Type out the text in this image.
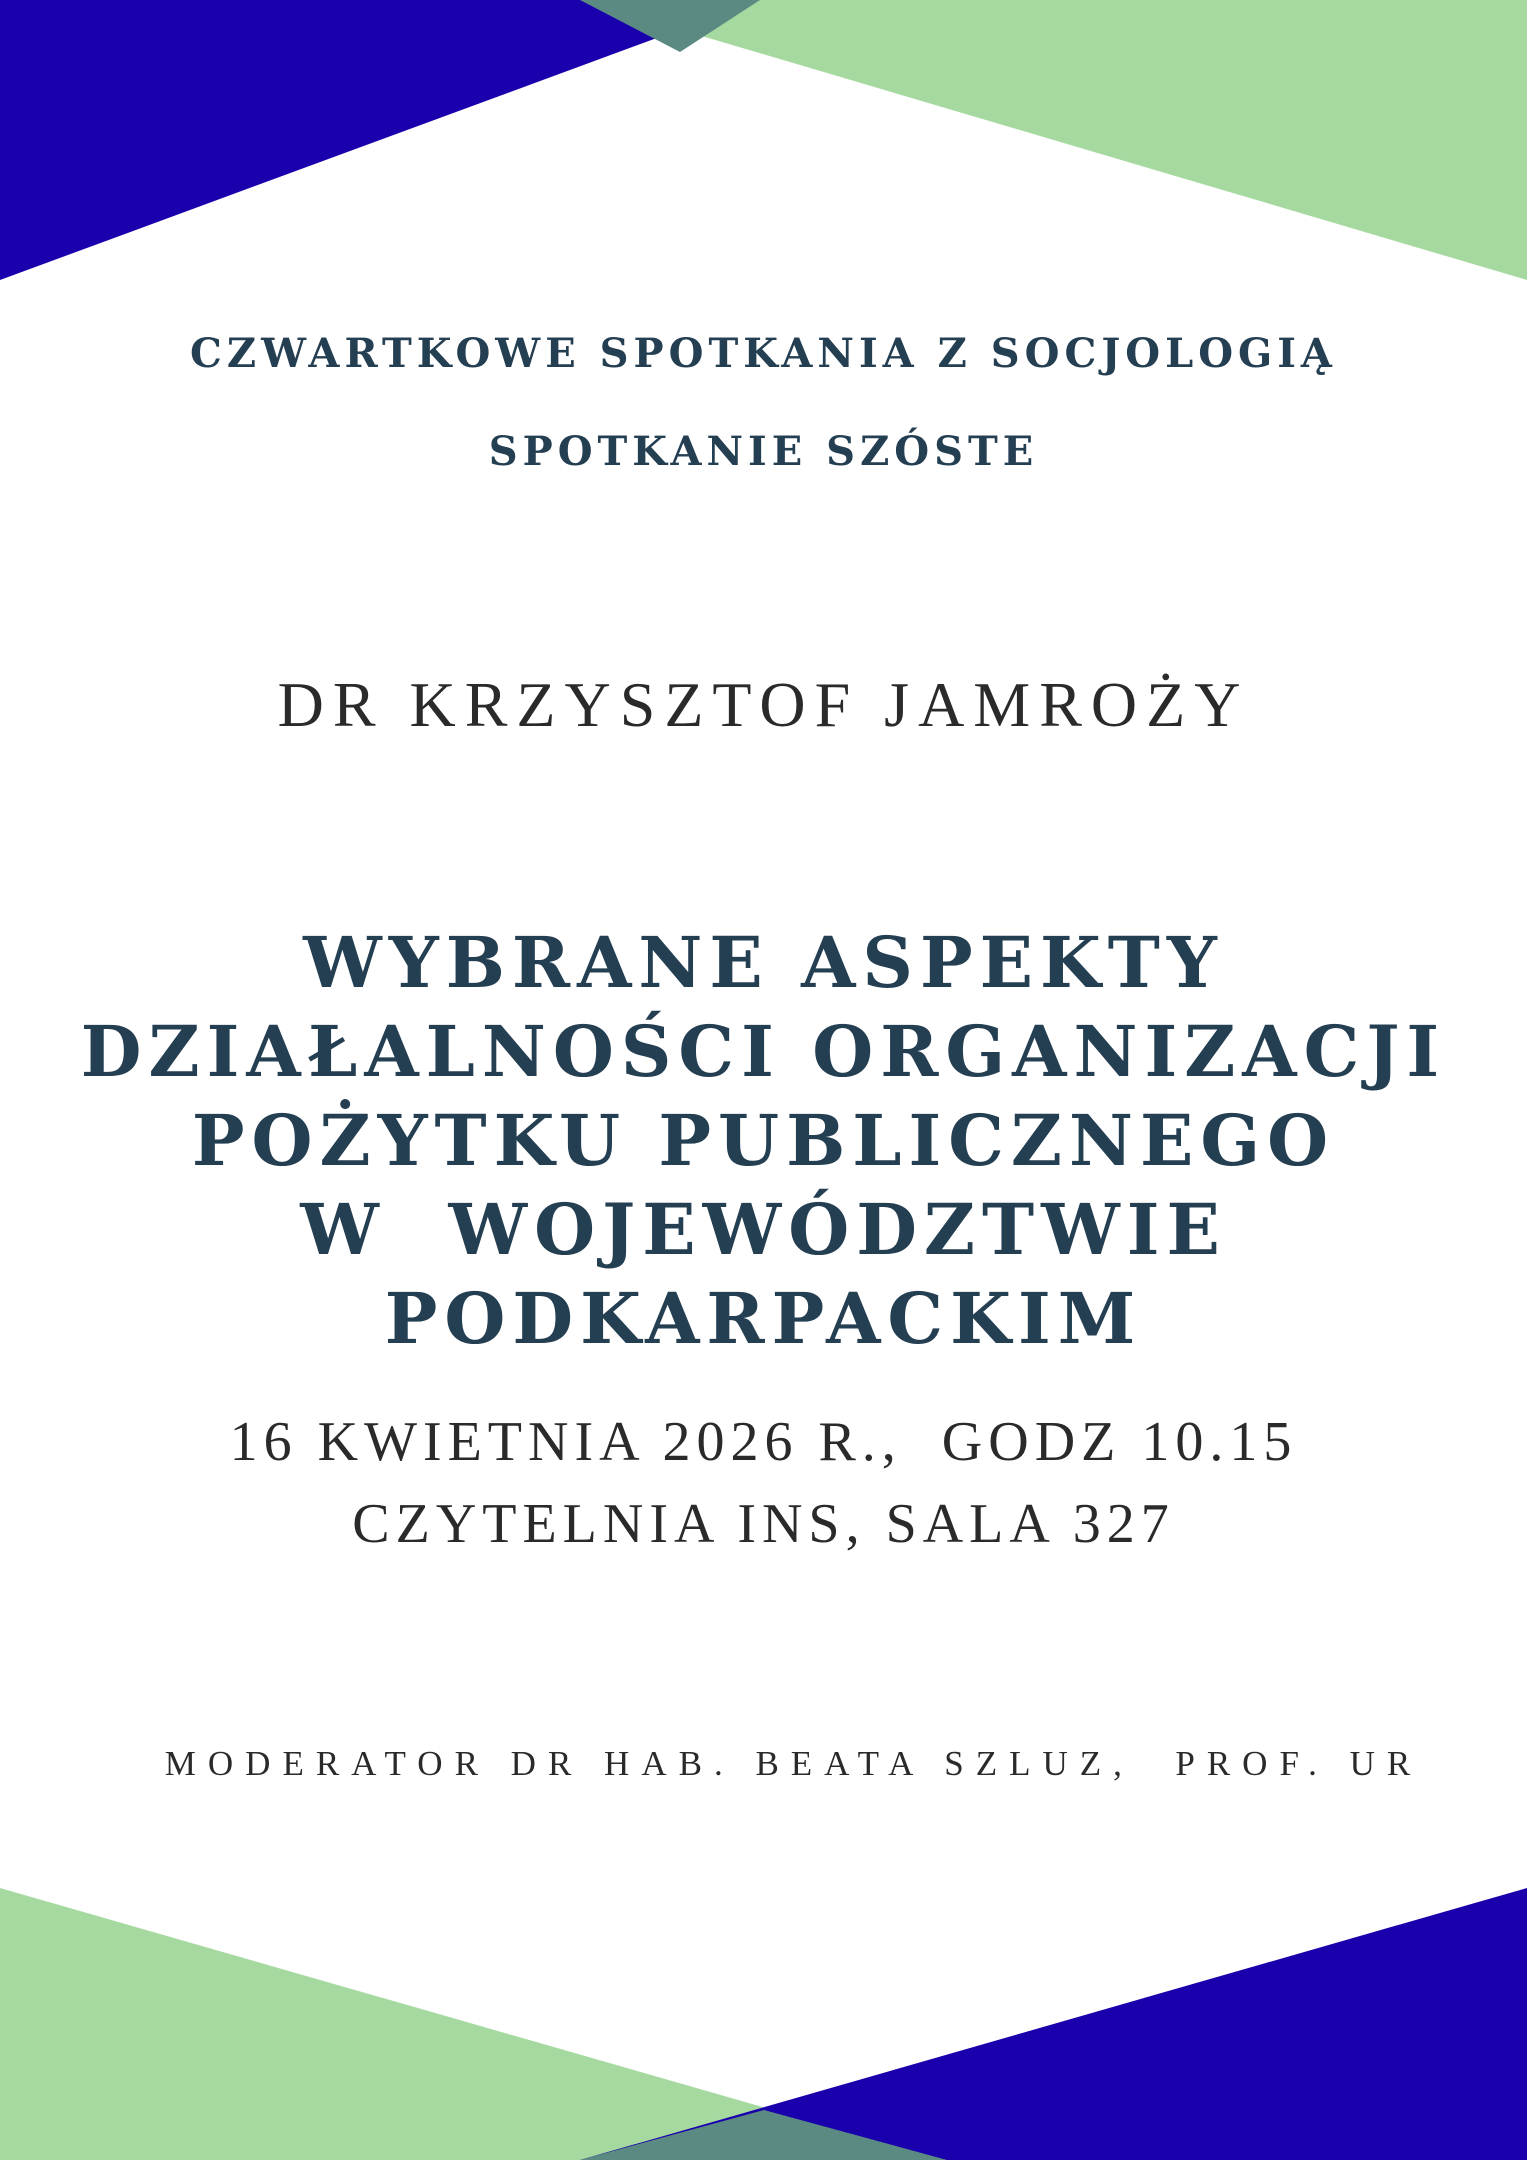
CZWARTKOWE SPOTKANIA Z SOCJOLOGIĄ

SPOTKANIE SZÓSTE

DR KRZYSZTOF JAMROŻY

WYBRANE ASPEKTY
DZIAŁALNOŚCI ORGANIZACJI
POŻYTKU PUBLICZNEGO
W  WOJEWÓDZTWIE
PODKARPACKIM

16 KWIETNIA 2026 R.,  GODZ 10.15

CZYTELNIA INS, SALA 327

MODERATOR DR HAB. BEATA SZLUZ,  PROF. UR
